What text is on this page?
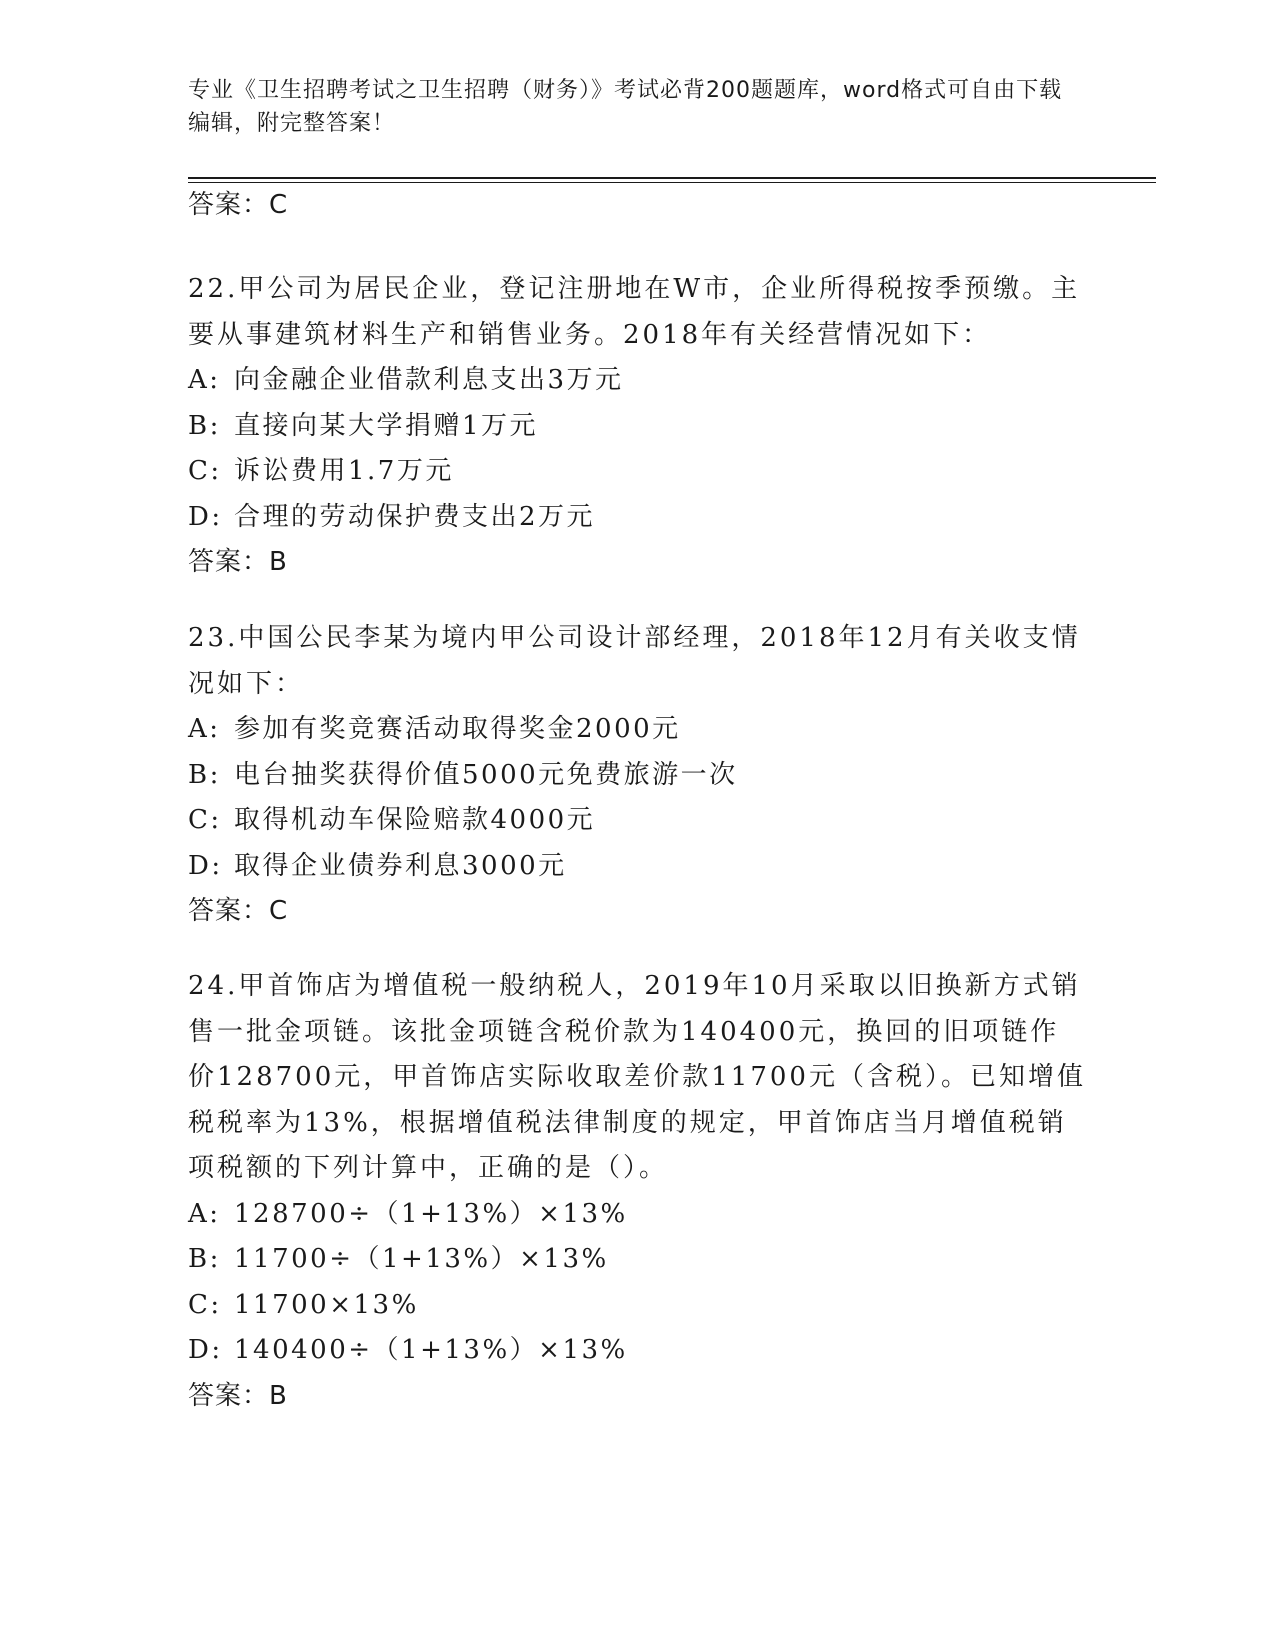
专业《卫生招聘考试之卫生招聘（财务）》考试必背200题题库，word格式可自由下载编辑，附完整答案！
答案：C

22.甲公司为居民企业，登记注册地在W市，企业所得税按季预缴。主要从事建筑材料生产和销售业务。2018年有关经营情况如下：

A: 向金融企业借款利息支出3万元

B: 直接向某大学捐赠1万元

C: 诉讼费用1.7万元

D: 合理的劳动保护费支出2万元

答案：B

23.中国公民李某为境内甲公司设计部经理，2018年12月有关收支情况如下：

A: 参加有奖竞赛活动取得奖金2000元

B: 电台抽奖获得价值5000元免费旅游一次

C: 取得机动车保险赔款4000元

D: 取得企业债券利息3000元

答案：C

24.甲首饰店为增值税一般纳税人，2019年10月采取以旧换新方式销售一批金项链。该批金项链含税价款为140400元，换回的旧项链作价128700元，甲首饰店实际收取差价款11700元（含税）。已知增值税税率为13%，根据增值税法律制度的规定，甲首饰店当月增值税销项税额的下列计算中，正确的是（）。

A: 128700÷（1+13%）×13%

B: 11700÷（1+13%）×13%

C: 11700×13%

D: 140400÷（1+13%）×13%

答案：B
